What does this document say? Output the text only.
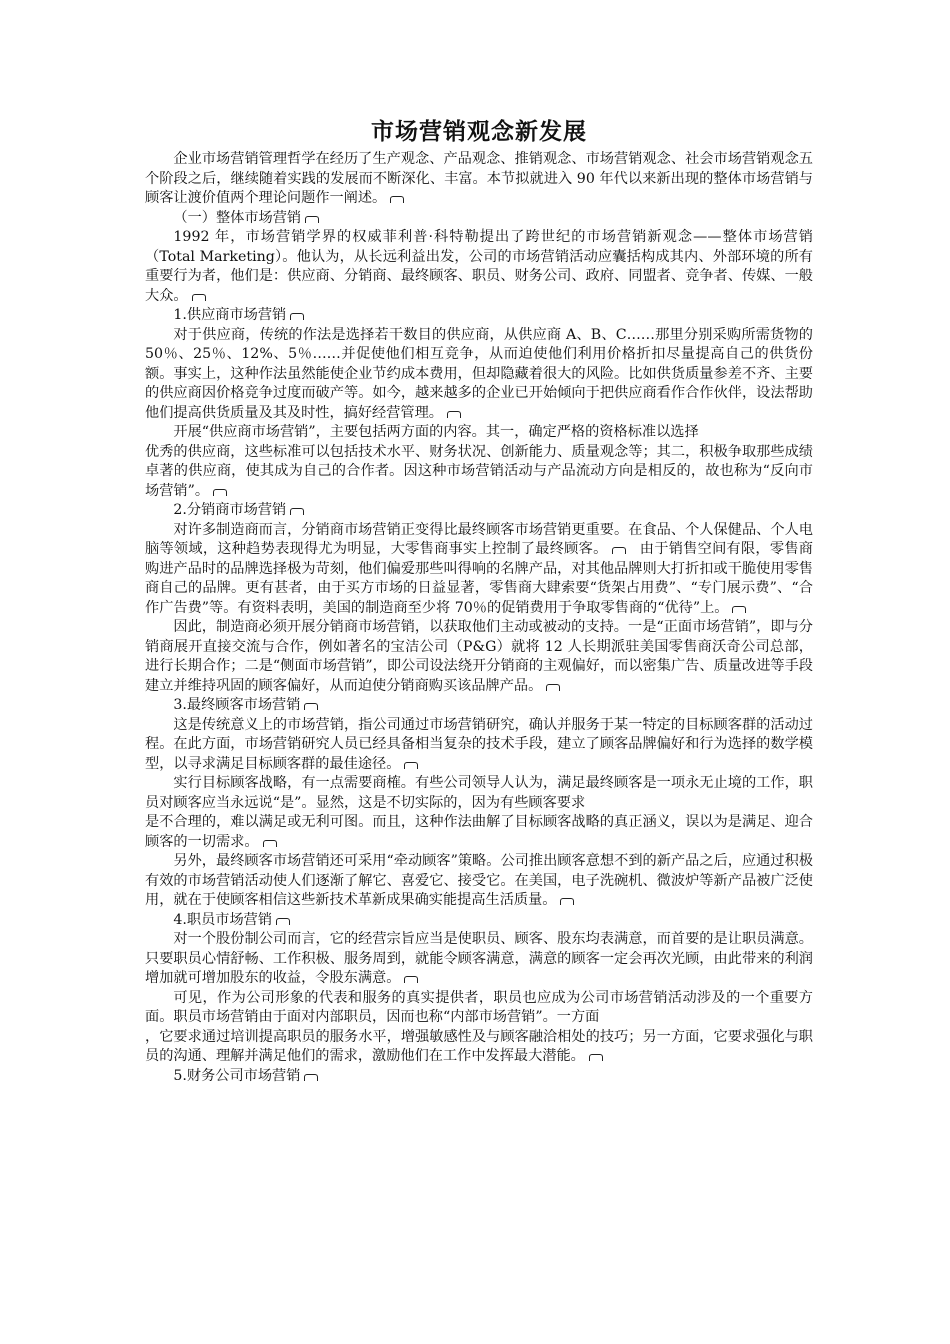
市场营销观念新发展

企业市场营销管理哲学在经历了生产观念、产品观念、推销观念、市场营销观念、社会市场营销观念五个阶段之后，继续随着实践的发展而不断深化、丰富。本节拟就进入 90 年代以来新出现的整体市场营销与顾客让渡价值两个理论问题作一阐述。

（一）整体市场营销

1992 年，市场营销学界的权威菲利普·科特勒提出了跨世纪的市场营销新观念——整体市场营销（Total Marketing）。他认为，从长远利益出发，公司的市场营销活动应囊括构成其内、外部环境的所有重要行为者，他们是：供应商、分销商、最终顾客、职员、财务公司、政府、同盟者、竞争者、传媒、一般大众。

1.供应商市场营销

对于供应商，传统的作法是选择若干数目的供应商，从供应商 A、B、C……那里分别采购所需货物的 50％、25％、12%、5％……并促使他们相互竞争，从而迫使他们利用价格折扣尽量提高自己的供货份额。事实上，这种作法虽然能使企业节约成本费用，但却隐藏着很大的风险。比如供货质量参差不齐、主要的供应商因价格竞争过度而破产等。如今，越来越多的企业已开始倾向于把供应商看作合作伙伴，设法帮助他们提高供货质量及其及时性，搞好经营管理。

开展“供应商市场营销”，主要包括两方面的内容。其一，确定严格的资格标准以选择

优秀的供应商，这些标准可以包括技术水平、财务状况、创新能力、质量观念等；其二，积极争取那些成绩卓著的供应商，使其成为自己的合作者。因这种市场营销活动与产品流动方向是相反的，故也称为“反向市场营销”。

2.分销商市场营销

对许多制造商而言，分销商市场营销正变得比最终顾客市场营销更重要。在食品、个人保健品、个人电脑等领域，这种趋势表现得尤为明显，大零售商事实上控制了最终顾客。 由于销售空间有限，零售商购进产品时的品牌选择极为苛刻，他们偏爱那些叫得响的名牌产品，对其他品牌则大打折扣或干脆使用零售商自己的品牌。更有甚者，由于买方市场的日益显著，零售商大肆索要“货架占用费”、“专门展示费”、“合作广告费”等。有资料表明，美国的制造商至少将 70％的促销费用于争取零售商的“优待”上。

因此，制造商必须开展分销商市场营销，以获取他们主动或被动的支持。一是“正面市场营销”，即与分销商展开直接交流与合作，例如著名的宝洁公司（P&G）就将 12 人长期派驻美国零售商沃奇公司总部，进行长期合作；二是“侧面市场营销”，即公司设法绕开分销商的主观偏好，而以密集广告、质量改进等手段建立并维持巩固的顾客偏好，从而迫使分销商购买该品牌产品。

3.最终顾客市场营销

这是传统意义上的市场营销，指公司通过市场营销研究，确认并服务于某一特定的目标顾客群的活动过程。在此方面，市场营销研究人员已经具备相当复杂的技术手段，建立了顾客品牌偏好和行为选择的数学模型，以寻求满足目标顾客群的最佳途径。

实行目标顾客战略，有一点需要商榷。有些公司领导人认为，满足最终顾客是一项永无止境的工作，职员对顾客应当永远说“是”。显然，这是不切实际的，因为有些顾客要求

是不合理的，难以满足或无利可图。而且，这种作法曲解了目标顾客战略的真正涵义，误以为是满足、迎合顾客的一切需求。

另外，最终顾客市场营销还可采用“牵动顾客”策略。公司推出顾客意想不到的新产品之后，应通过积极有效的市场营销活动使人们逐渐了解它、喜爱它、接受它。在美国，电子洗碗机、微波炉等新产品被广泛使用，就在于使顾客相信这些新技术革新成果确实能提高生活质量。

4.职员市场营销

对一个股份制公司而言，它的经营宗旨应当是使职员、顾客、股东均表满意，而首要的是让职员满意。只要职员心情舒畅、工作积极、服务周到，就能令顾客满意，满意的顾客一定会再次光顾，由此带来的利润增加就可增加股东的收益，令股东满意。

可见，作为公司形象的代表和服务的真实提供者，职员也应成为公司市场营销活动涉及的一个重要方面。职员市场营销由于面对内部职员，因而也称“内部市场营销”。一方面

，它要求通过培训提高职员的服务水平，增强敏感性及与顾客融洽相处的技巧；另一方面，它要求强化与职员的沟通、理解并满足他们的需求，激励他们在工作中发挥最大潜能。

5.财务公司市场营销
